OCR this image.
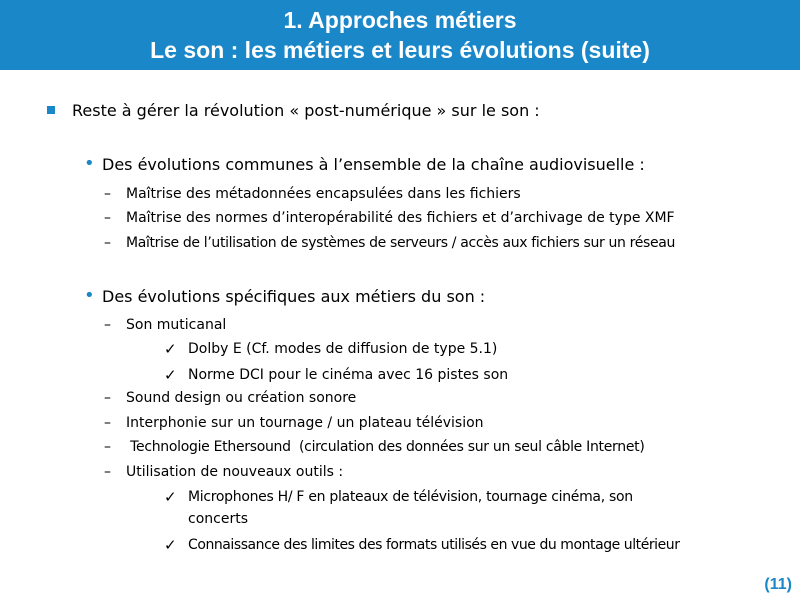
1. Approches métiers
Le son : les métiers et leurs évolutions (suite)
Reste à gérer la révolution « post-numérique » sur le son :
• Des évolutions communes à l’ensemble de la chaîne audiovisuelle :
– Maîtrise des métadonnées encapsulées dans les fichiers
– Maîtrise des normes d’interopérabilité des fichiers et d’archivage de type XMF
– Maîtrise de l’utilisation de systèmes de serveurs / accès aux fichiers sur un réseau
• Des évolutions spécifiques aux métiers du son :
– Son muticanal
✓ Dolby E (Cf. modes de diffusion de type 5.1)
✓ Norme DCI pour le cinéma avec 16 pistes son
– Sound design ou création sonore
– Interphonie sur un tournage / un plateau télévision
– Technologie Ethersound  (circulation des données sur un seul câble Internet)
– Utilisation de nouveaux outils :
✓ Microphones H/ F en plateaux de télévision, tournage cinéma, son
concerts
✓ Connaissance des limites des formats utilisés en vue du montage ultérieur
(11)
